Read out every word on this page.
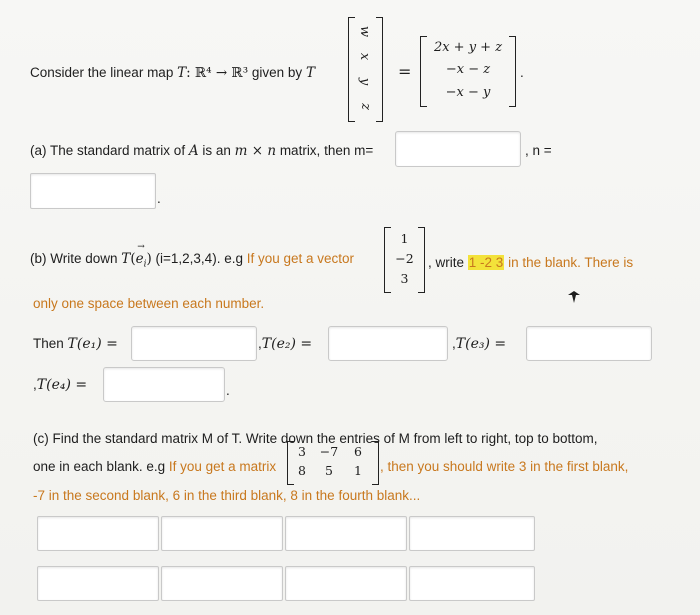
Consider the linear map T: ℝ⁴ → ℝ³ given by T
w
x
y
z
=
2x + y + z
−x − z
−x − y
.
(a) The standard matrix of A is an m × n matrix, then m=	, n =
.
(b) Write down T(
→
$e_i$) (i=1,2,3,4). e.g If you get a vector
1
−2
3
, write 1 -2 3 in the blank. There is
only one space between each number.
Then T(e₁) =	,T(e₂) =	,T(e₃) =
,T(e₄) =	.
(c) Find the standard matrix M of T. Write down the entries of M from left to right, top to bottom,
one in each blank. e.g If you get a matrix
3	−7	6
8	5	1	, then you should write 3 in the first blank,
-7 in the second blank, 6 in the third blank, 8 in the fourth blank...
